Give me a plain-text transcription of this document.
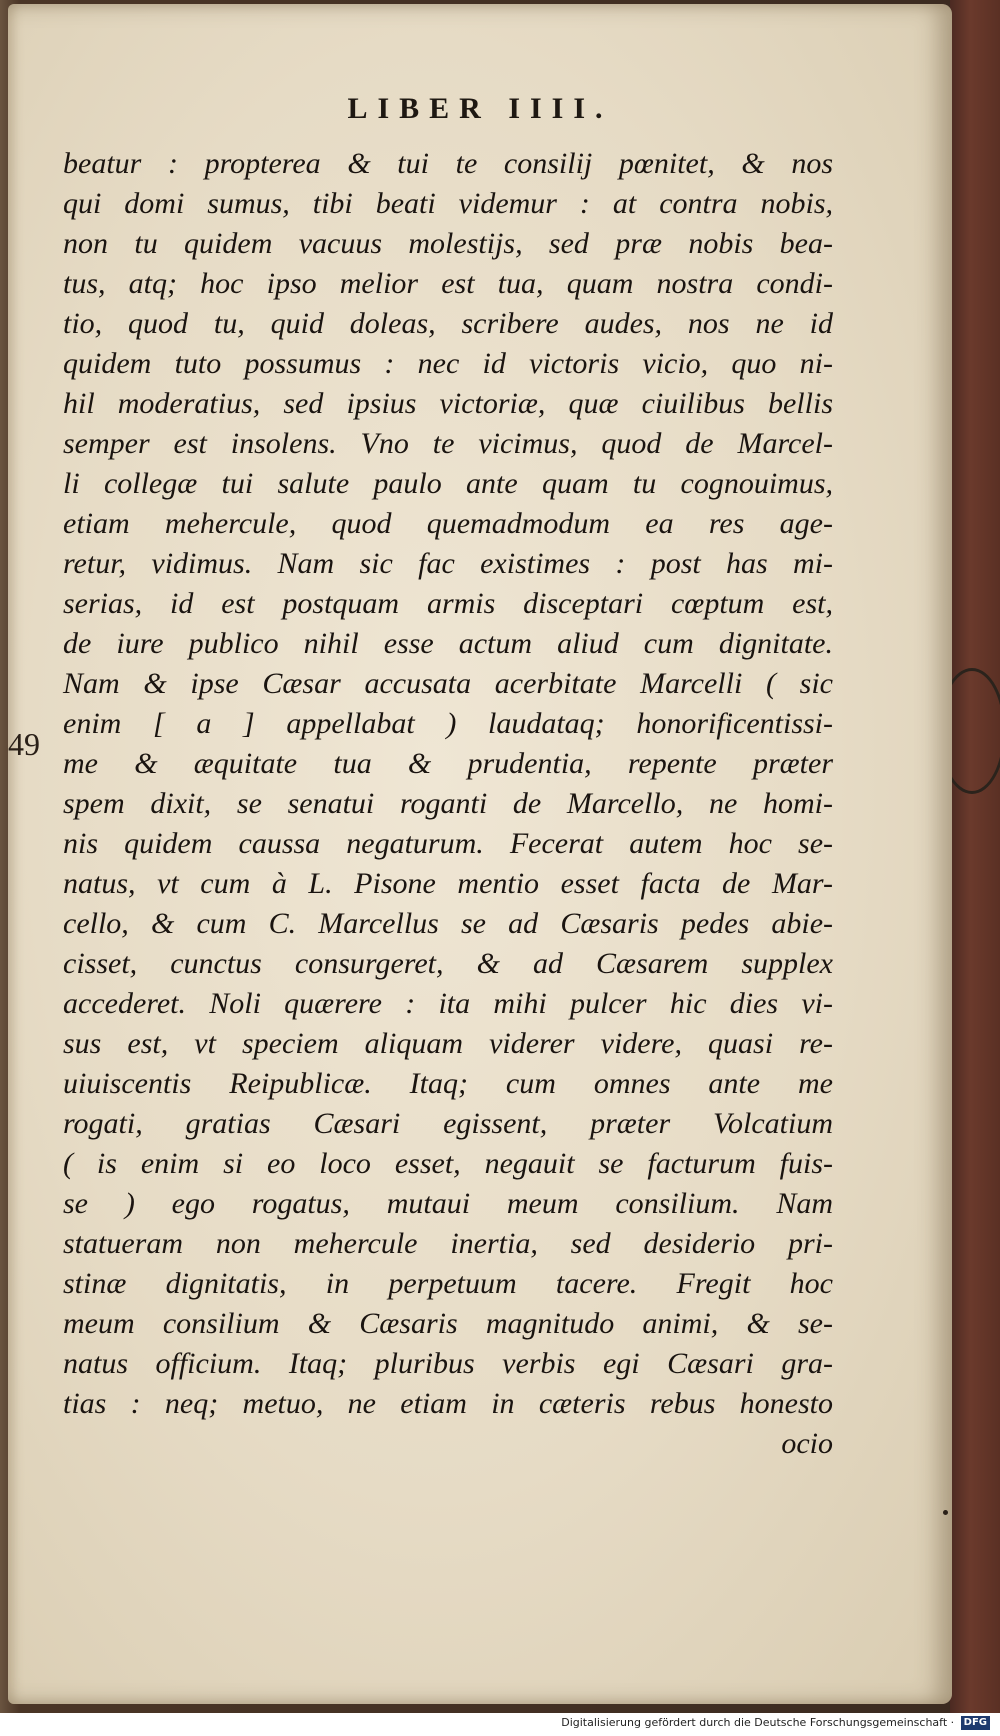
LIBER IIII.
beatur : propterea & tui te consilij pœnitet, & nos
qui domi sumus, tibi beati videmur : at contra nobis,
non tu quidem vacuus molestijs, sed præ nobis bea-
tus, atq; hoc ipso melior est tua, quam nostra condi-
tio, quod tu, quid doleas, scribere audes, nos ne id
quidem tuto possumus : nec id victoris vicio, quo ni-
hil moderatius, sed ipsius victoriæ, quæ ciuilibus bellis
semper est insolens. Vno te vicimus, quod de Marcel-
li collegæ tui salute paulo ante quam tu cognouimus,
etiam mehercule, quod quemadmodum ea res age-
retur, vidimus. Nam sic fac existimes : post has mi-
serias, id est postquam armis disceptari cœptum est,
de iure publico nihil esse actum aliud cum dignitate.
Nam & ipse Cæsar accusata acerbitate Marcelli ( sic
enim [ a ] appellabat ) laudataq; honorificentissi-
me & æquitate tua & prudentia, repente præter
spem dixit, se senatui roganti de Marcello, ne homi-
nis quidem caussa negaturum. Fecerat autem hoc se-
natus, vt cum à L. Pisone mentio esset facta de Mar-
cello, & cum C. Marcellus se ad Cæsaris pedes abie-
cisset, cunctus consurgeret, & ad Cæsarem supplex
accederet. Noli quærere : ita mihi pulcer hic dies vi-
sus est, vt speciem aliquam viderer videre, quasi re-
uiuiscentis Reipublicæ. Itaq; cum omnes ante me
rogati, gratias Cæsari egissent, præter Volcatium
( is enim si eo loco esset, negauit se facturum fuis-
se ) ego rogatus, mutaui meum consilium. Nam
statueram non mehercule inertia, sed desiderio pri-
stinæ dignitatis, in perpetuum tacere. Fregit hoc
meum consilium & Cæsaris magnitudo animi, & se-
natus officium. Itaq; pluribus verbis egi Cæsari gra-
tias : neq; metuo, ne etiam in cæteris rebus honesto
ocio
49
Digitalisierung gefördert durch die Deutsche Forschungsgemeinschaft · DFG
